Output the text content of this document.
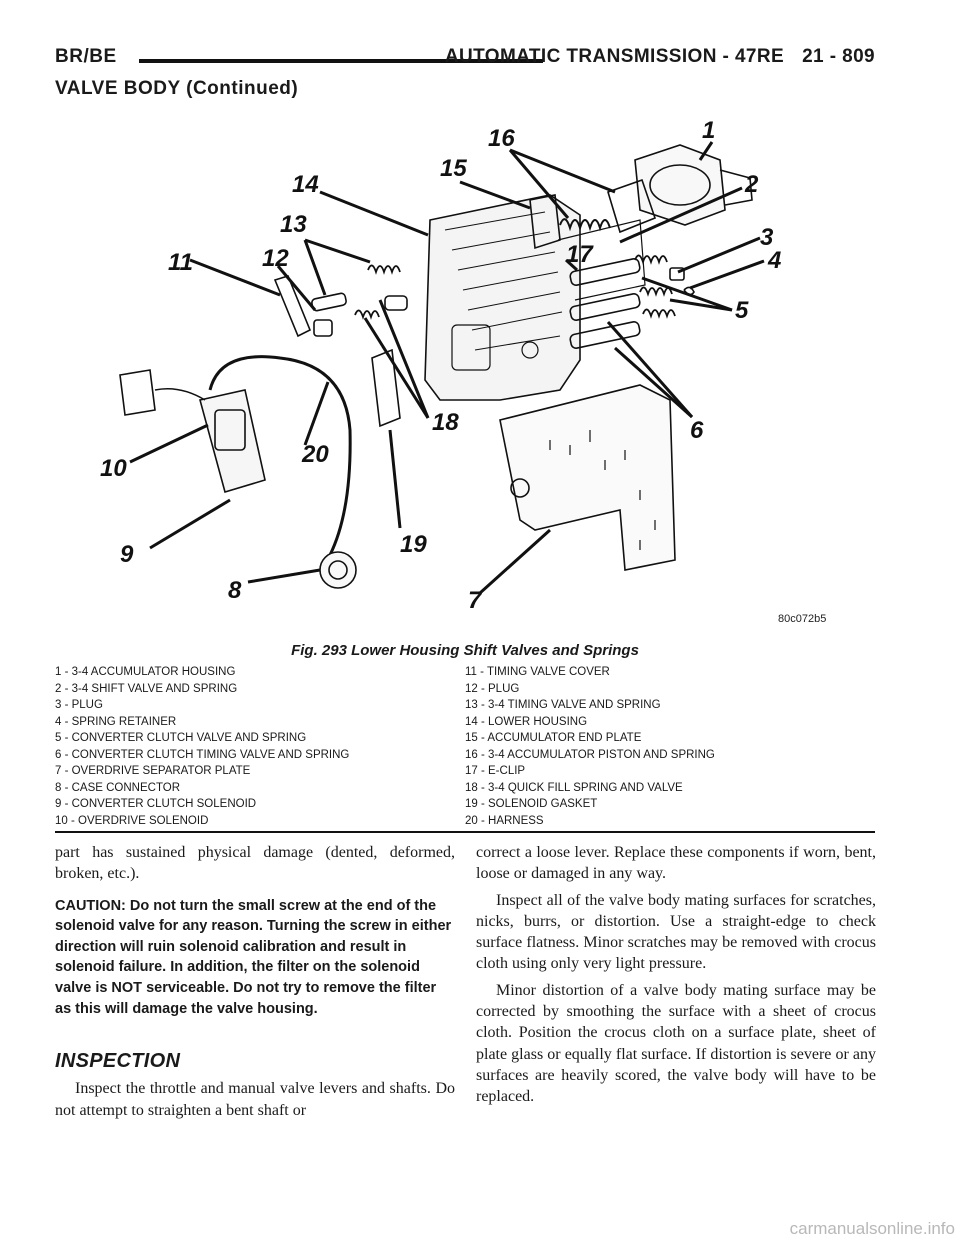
BR/BE	AUTOMATIC TRANSMISSION - 47RE 21 - 809
VALVE BODY (Continued)
1
2
3
4
5
6
7
8
9
10
11	12
13
14
15
16
17
18
19
20
80c072b5
Fig. 293 Lower Housing Shift Valves and Springs
1 - 3-4 ACCUMULATOR HOUSING
2 - 3-4 SHIFT VALVE AND SPRING
3 - PLUG
4 - SPRING RETAINER
5 - CONVERTER CLUTCH VALVE AND SPRING
6 - CONVERTER CLUTCH TIMING VALVE AND SPRING
7 - OVERDRIVE SEPARATOR PLATE
8 - CASE CONNECTOR
9 - CONVERTER CLUTCH SOLENOID
10 - OVERDRIVE SOLENOID
11 - TIMING VALVE COVER
12 - PLUG
13 - 3-4 TIMING VALVE AND SPRING
14 - LOWER HOUSING
15 - ACCUMULATOR END PLATE
16 - 3-4 ACCUMULATOR PISTON AND SPRING
17 - E-CLIP
18 - 3-4 QUICK FILL SPRING AND VALVE
19 - SOLENOID GASKET
20 - HARNESS

part has sustained physical damage (dented, deformed, broken, etc.).

CAUTION: Do not turn the small screw at the end of the solenoid valve for any reason. Turning the screw in either direction will ruin solenoid calibration and result in solenoid failure. In addition, the filter on the solenoid valve is NOT serviceable. Do not try to remove the filter as this will damage the valve housing.

INSPECTION

Inspect the throttle and manual valve levers and shafts. Do not attempt to straighten a bent shaft or

correct a loose lever. Replace these components if worn, bent, loose or damaged in any way.

Inspect all of the valve body mating surfaces for scratches, nicks, burrs, or distortion. Use a straight-edge to check surface flatness. Minor scratches may be removed with crocus cloth using only very light pressure.

Minor distortion of a valve body mating surface may be corrected by smoothing the surface with a sheet of crocus cloth. Position the crocus cloth on a surface plate, sheet of plate glass or equally flat surface. If distortion is severe or any surfaces are heavily scored, the valve body will have to be replaced.

carmanualsonline.info
